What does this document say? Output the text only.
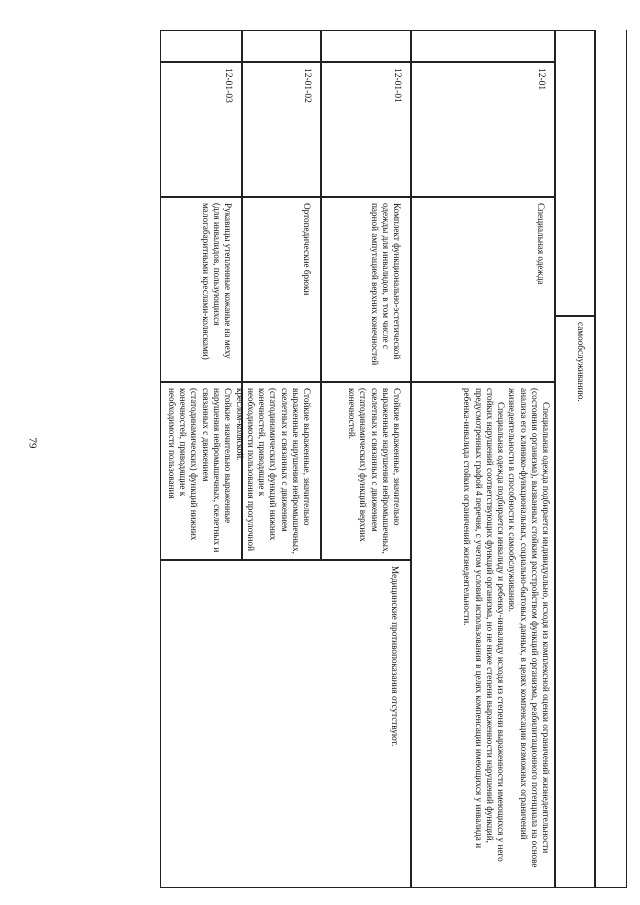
79

самообслуживанию.

12-01

Специальная одежда

Специальная одежда подбирается индивидуально, исходя из комплексной оценки ограничений жизнедеятельности (состояния организма), вызванных стойким расстройством функций организма, реабилитационного потенциала на основе анализа его клинико-функциональных, социально-бытовых данных, в целях компенсации возможных ограничений жизнедеятельности в способности к самообслуживанию.

Специальная одежда подбирается инвалиду и ребенку-инвалиду исходя из степени выраженности имеющихся у него стойких нарушений соответствующих функций организма, но не ниже степени выраженности нарушений функций, предусмотренных графой 4 перечня, с учетом условий использования в целях компенсации имеющихся у инвалида и ребенка-инвалида стойких ограничений жизнедеятельности.

12-01-01

Комплект функционально-эстетической одежды для инвалидов, в том числе с парной ампутацией верхних конечностей

Стойкие выраженные, значительно выраженные нарушения нейромышечных, скелетных и связанных с движением (статодинамических) функций верхних конечностей.

12-01-02

Ортопедические брюки

Стойкие выраженные, значительно выраженные нарушения нейромышечных, скелетных и связанных с движением (статодинамических) функций нижних конечностей, приводящие к необходимости пользования прогулочной креслом-коляской.

12-01-03

Рукавицы утепленные кожаные на меху (для инвалидов, пользующихся малогабаритными креслами-колясками)

Стойкие значительно выраженные нарушения нейромышечных, скелетных и связанных с движением (статодинамических) функций нижних конечностей, приводящие к необходимости пользования

Медицинские противопоказания отсутствуют.
